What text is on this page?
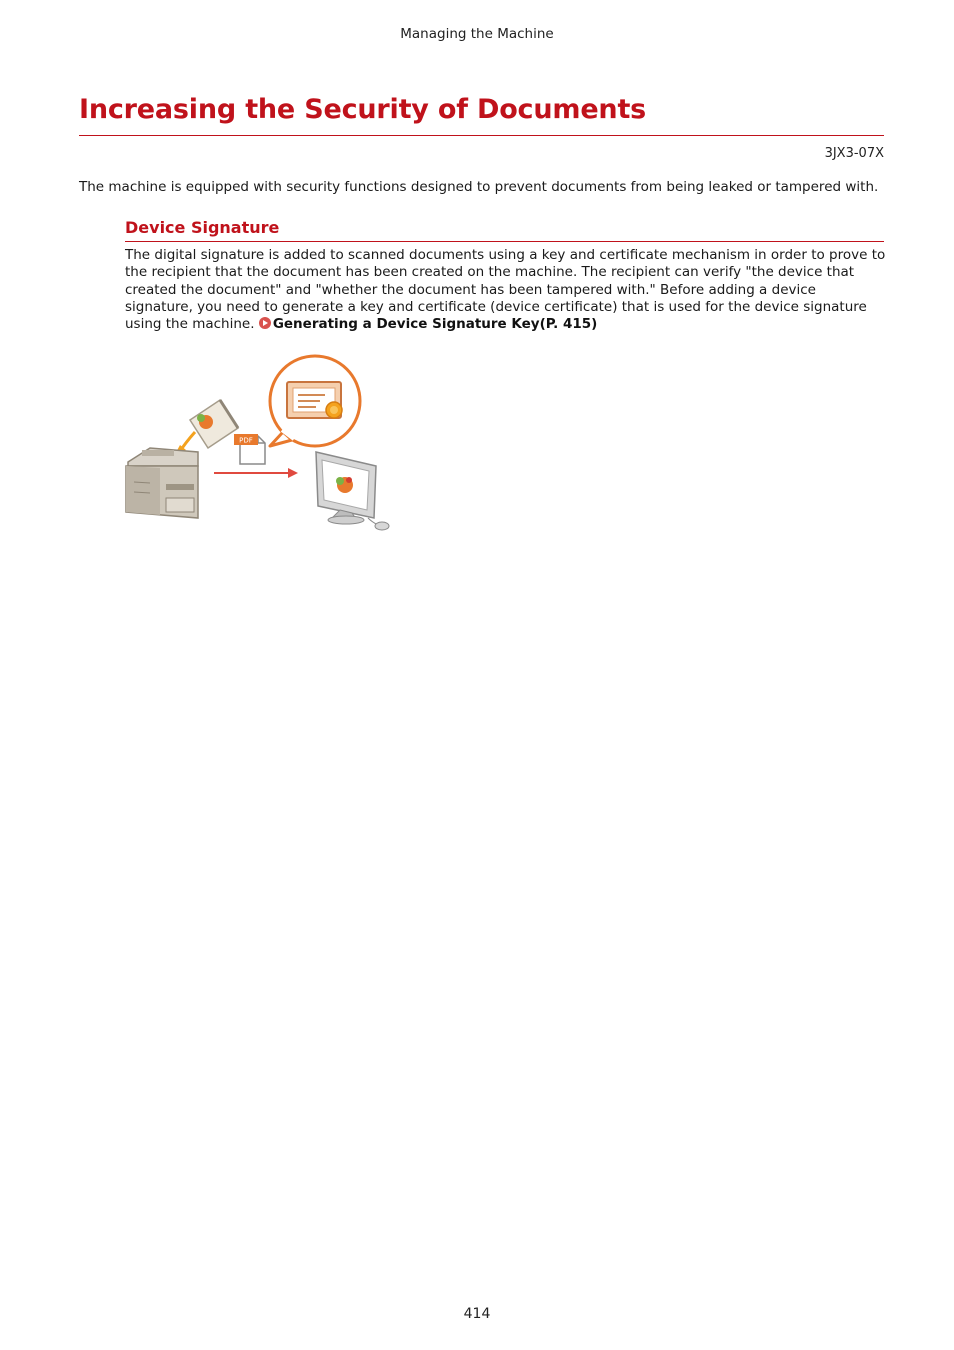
Managing the Machine
Increasing the Security of Documents
3JX3-07X

The machine is equipped with security functions designed to prevent documents from being leaked or tampered with.

Device Signature

The digital signature is added to scanned documents using a key and certificate mechanism in order to prove to the recipient that the document has been created on the machine. The recipient can verify "the device that created the document" and "whether the document has been tampered with." Before adding a device signature, you need to generate a key and certificate (device certificate) that is used for the device signature using the machine. Generating a Device Signature Key(P. 415)

PDF
414
